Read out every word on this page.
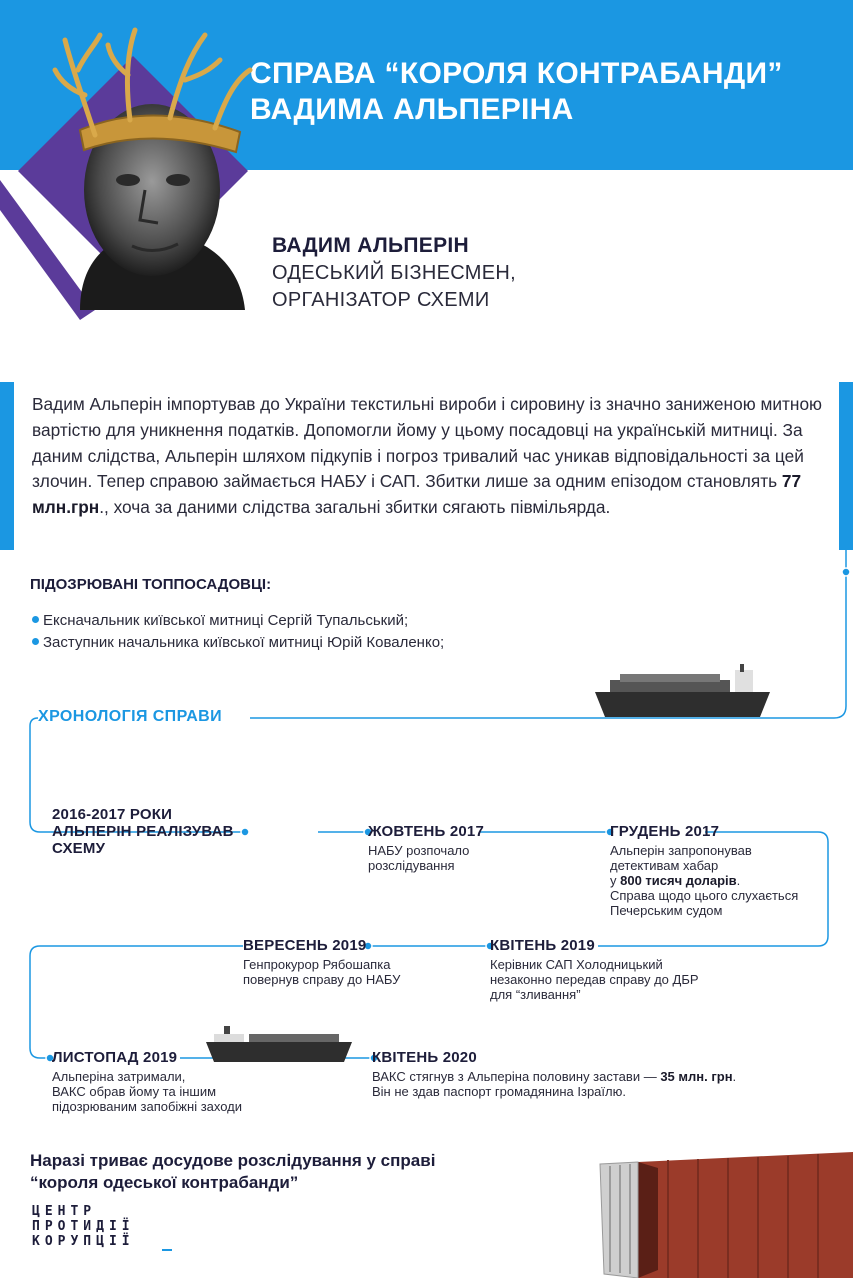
СПРАВА “КОРОЛЯ КОНТРАБАНДИ”
ВАДИМА АЛЬПЕРІНА
ВАДИМ АЛЬПЕРІН
ОДЕСЬКИЙ БІЗНЕСМЕН,
ОРГАНІЗАТОР СХЕМИ
Вадим Альперін імпортував до України текстильні вироби і сировину із значно заниженою митною вартістю для уникнення податків. Допомогли йому у цьому посадовці на українській митниці. За даним слідства, Альперін шляхом підкупів і погроз тривалий час уникав відповідальності за цей злочин. Тепер справою займається НАБУ і САП. Збитки лише за одним епізодом становлять 77 млн.грн., хоча за даними слідства загальні збитки сягають півмільярда.
ПІДОЗРЮВАНІ ТОППОСАДОВЦІ:
Ексначальник київської митниці Сергій Тупальський;
Заступник начальника київської митниці Юрій Коваленко;
ХРОНОЛОГІЯ СПРАВИ
2016-2017 РОКИ
АЛЬПЕРІН РЕАЛІЗУВАВ
СХЕМУ
ЖОВТЕНЬ 2017
НАБУ розпочало
розслідування
ГРУДЕНЬ 2017
Альперін запропонував
детективам хабар
у 800 тисяч доларів.
Справа щодо цього слухається
Печерським судом
ВЕРЕСЕНЬ 2019
Генпрокурор Рябошапка
повернув справу до НАБУ
КВІТЕНЬ 2019
Керівник САП Холодницький
незаконно передав справу до ДБР
для “зливання”
ЛИСТОПАД 2019
Альперіна затримали,
ВАКС обрав йому та іншим
підозрюваним запобіжні заходи
КВІТЕНЬ 2020
ВАКС стягнув з Альперіна половину застави — 35 млн. грн.
Він не здав паспорт громадянина Ізраїлю.
Наразі триває досудове розслідування у справі
“короля одеської контрабанди”
ЦЕНТР
ПРОТИДІЇ
КОРУПЦІЇ
